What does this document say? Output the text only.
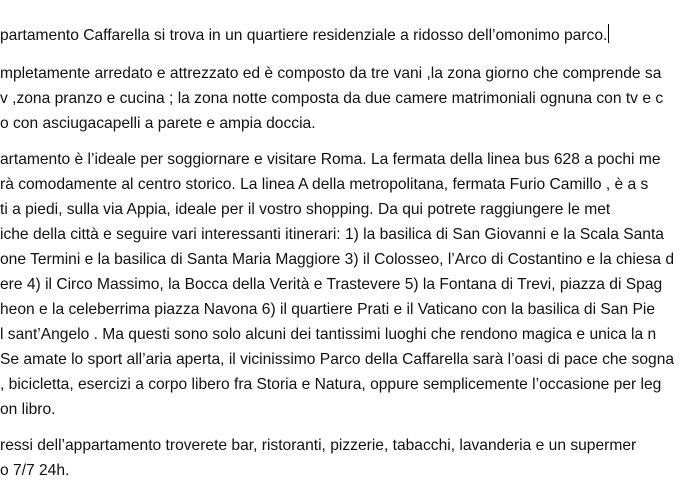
partamento Caffarella si trova in un quartiere residenziale a ridosso dell’omonimo parco.

mpletamente arredato e attrezzato ed è composto da tre vani ,la zona giorno che comprende sa

v ,zona pranzo e cucina ; la zona notte composta da due camere matrimoniali ognuna con tv e c

o con asciugacapelli a parete e ampia doccia.

artamento è l’ideale per soggiornare e visitare Roma. La fermata della linea bus 628 a pochi me

rà comodamente al centro storico. La linea A della metropolitana, fermata Furio Camillo , è a s

ti a piedi, sulla via Appia, ideale per il vostro shopping. Da qui potrete raggiungere le met

iche della città e seguire vari interessanti itinerari: 1) la basilica di San Giovanni e la Scala Santa

one Termini e la basilica di Santa Maria Maggiore 3) il Colosseo, l’Arco di Costantino e la chiesa d

ere 4) il Circo Massimo, la Bocca della Verità e Trastevere 5) la Fontana di Trevi, piazza di Spag

heon e la celeberrima piazza Navona 6) il quartiere Prati e il Vaticano con la basilica di San Pie

l sant’Angelo . Ma questi sono solo alcuni dei tantissimi luoghi che rendono magica e unica la n

Se amate lo sport all’aria aperta, il vicinissimo Parco della Caffarella sarà l’oasi di pace che sogna

, bicicletta, esercizi a corpo libero fra Storia e Natura, oppure semplicemente l’occasione per leg

on libro.

ressi dell’appartamento troverete bar, ristoranti, pizzerie, tabacchi, lavanderia e un supermer

o 7/7 24h.
